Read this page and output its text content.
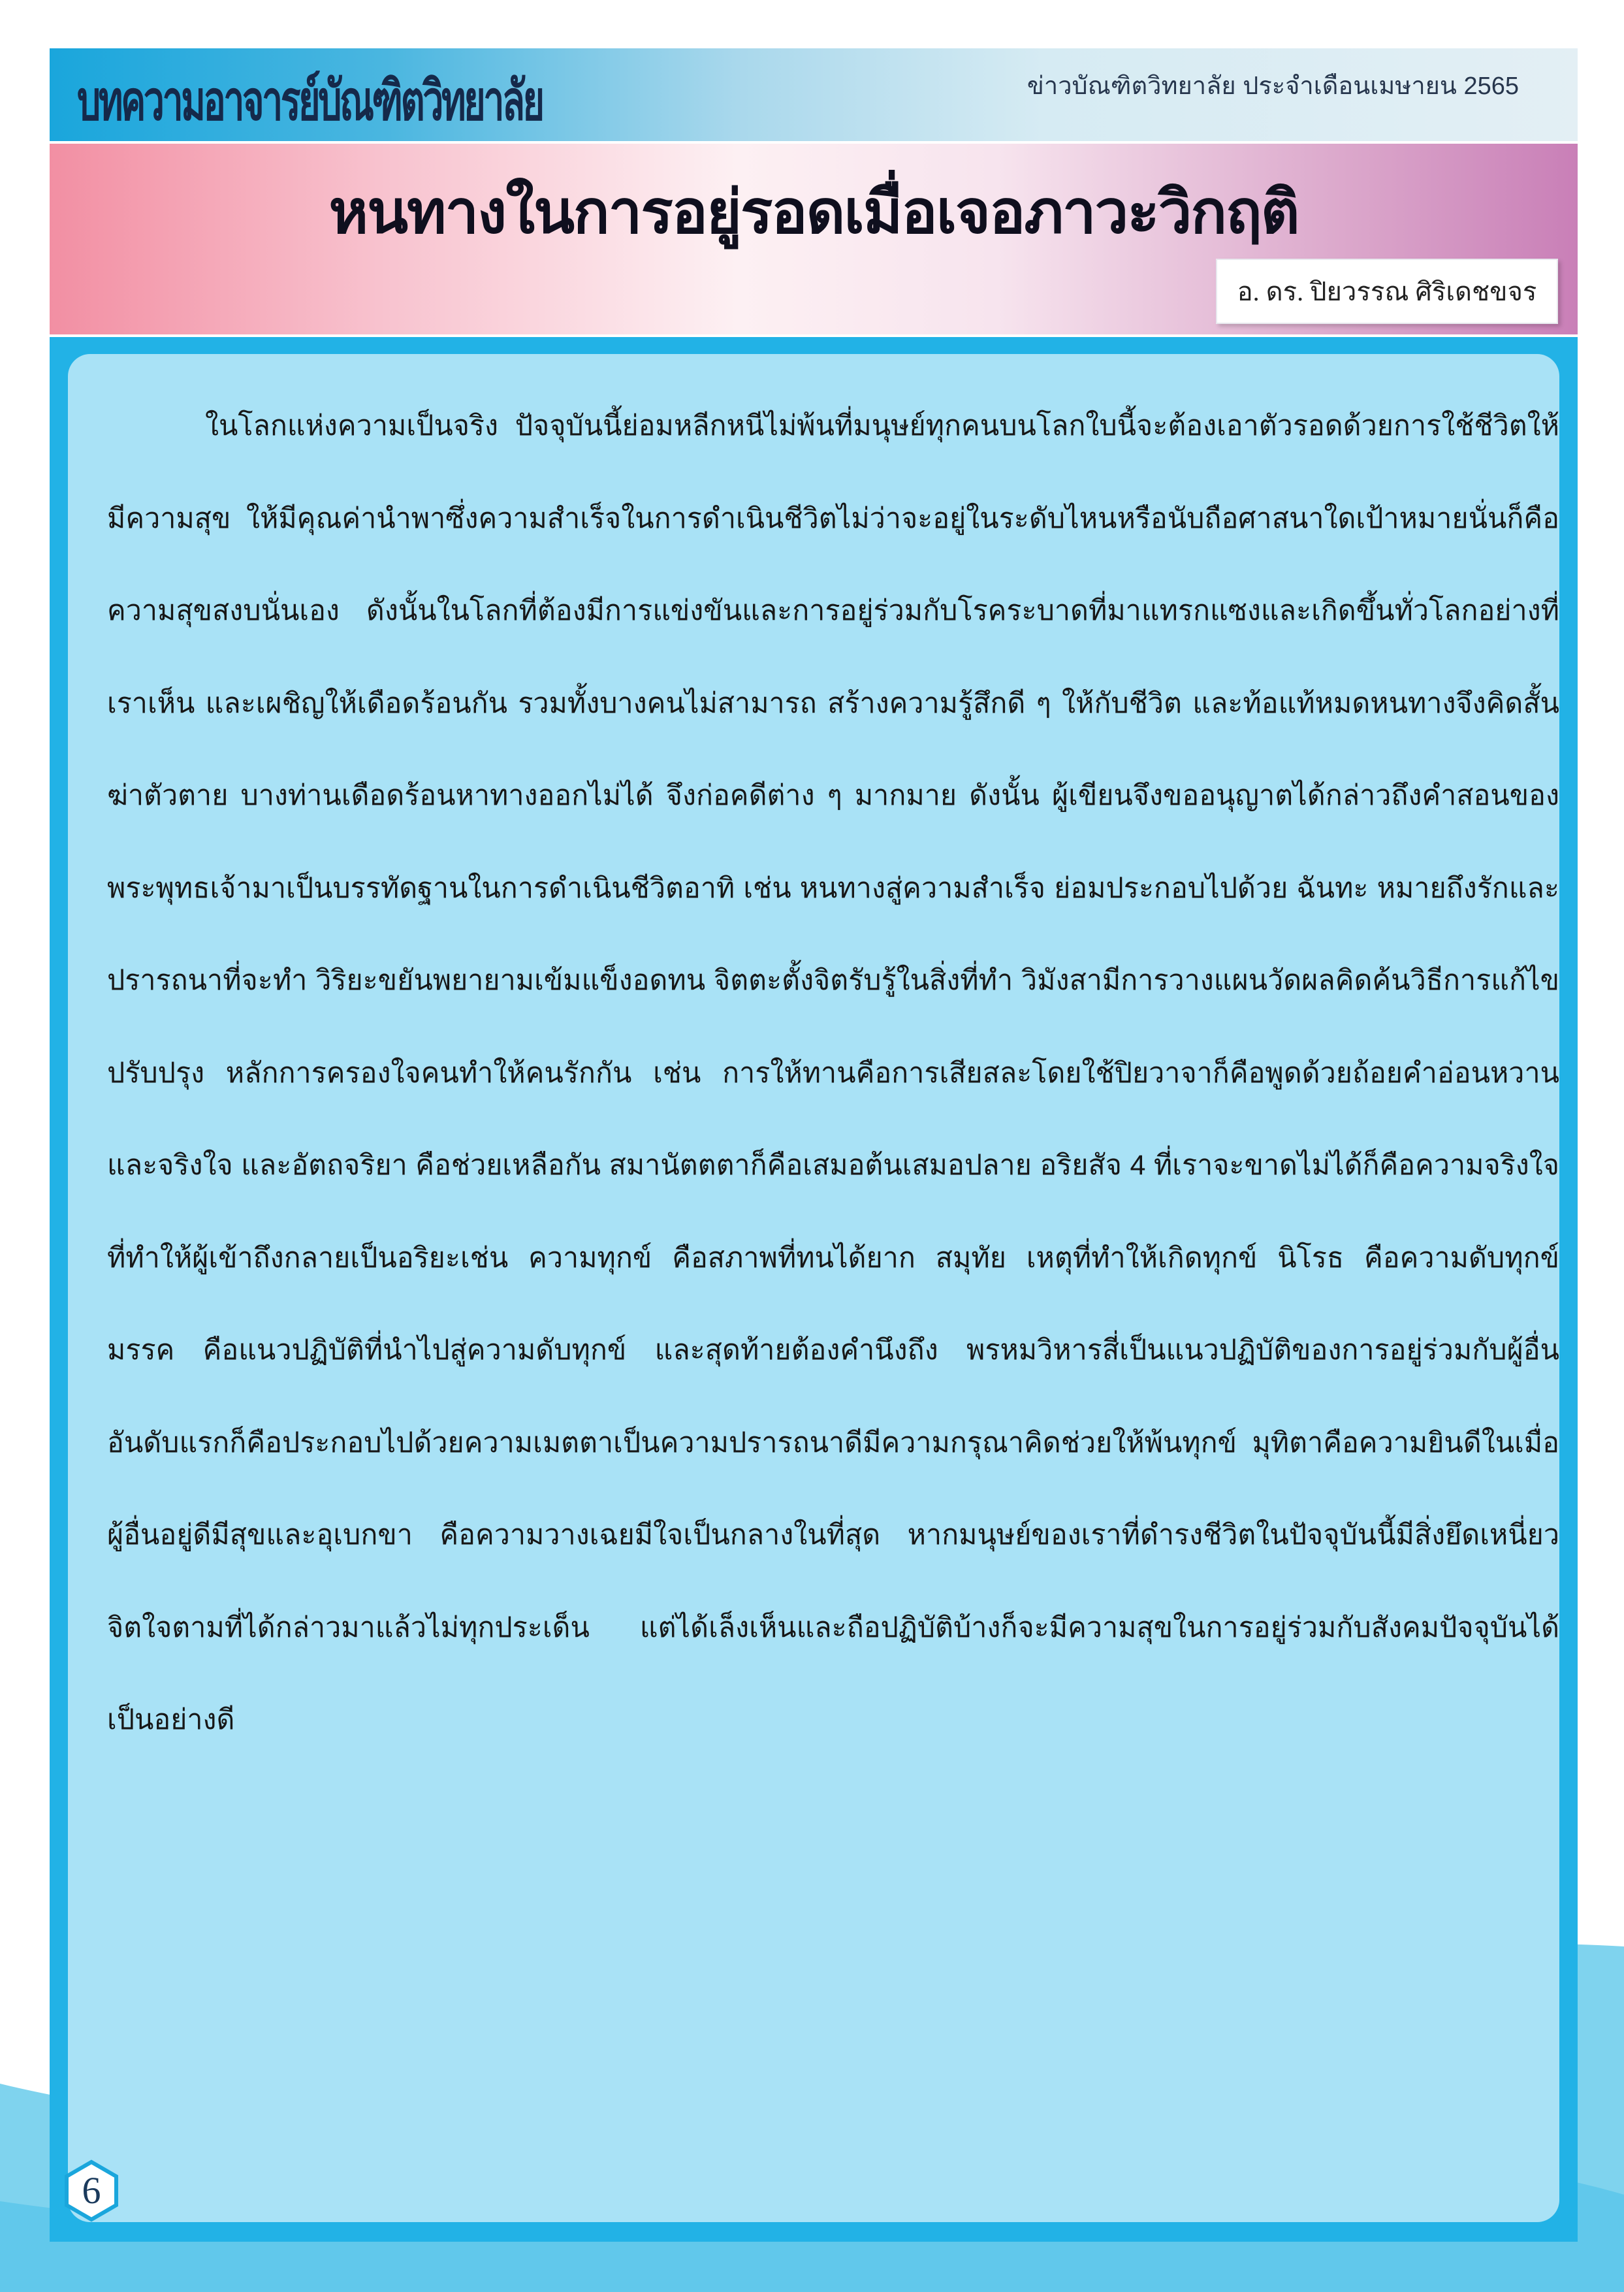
บทความอาจารย์บัณฑิตวิทยาลัย	ข่าวบัณฑิตวิทยาลัย ประจำเดือนเมษายน 2565
หนทางในการอยู่รอดเมื่อเจอภาวะวิกฤติ
อ. ดร. ปิยวรรณ ศิริเดชขจร

ในโลกแห่งความเป็นจริง ปัจจุบันนี้ย่อมหลีกหนีไม่พ้นที่มนุษย์ทุกคนบนโลกใบนี้จะต้องเอาตัวรอดด้วยการใช้ชีวิตให้มีความสุข ให้มีคุณค่านำพาซึ่งความสำเร็จในการดำเนินชีวิตไม่ว่าจะอยู่ในระดับไหนหรือนับถือศาสนาใดเป้าหมายนั่นก็คือความสุขสงบนั่นเอง ดังนั้นในโลกที่ต้องมีการแข่งขันและการอยู่ร่วมกับโรคระบาดที่มาแทรกแซงและเกิดขึ้นทั่วโลกอย่างที่เราเห็น และเผชิญให้เดือดร้อนกัน รวมทั้งบางคนไม่สามารถ สร้างความรู้สึกดี ๆ ให้กับชีวิต และท้อแท้หมดหนทางจึงคิดสั้น ฆ่าตัวตาย บางท่านเดือดร้อนหาทางออกไม่ได้ จึงก่อคดีต่าง ๆ มากมาย ดังนั้น ผู้เขียนจึงขออนุญาตได้กล่าวถึงคำสอนของพระพุทธเจ้ามาเป็นบรรทัดฐานในการดำเนินชีวิตอาทิ เช่น หนทางสู่ความสำเร็จ ย่อมประกอบไปด้วย ฉันทะ หมายถึงรักและปรารถนาที่จะทำ วิริยะขยันพยายามเข้มแข็งอดทน จิตตะตั้งจิตรับรู้ในสิ่งที่ทำ วิมังสามีการวางแผนวัดผลคิดค้นวิธีการแก้ไขปรับปรุง หลักการครองใจคนทำให้คนรักกัน เช่น การให้ทานคือการเสียสละโดยใช้ปิยวาจาก็คือพูดด้วยถ้อยคำอ่อนหวานและจริงใจ และอัตถจริยา คือช่วยเหลือกัน สมานัตตตาก็คือเสมอต้นเสมอปลาย อริยสัจ 4 ที่เราจะขาดไม่ได้ก็คือความจริงใจที่ทำให้ผู้เข้าถึงกลายเป็นอริยะเช่น ความทุกข์ คือสภาพที่ทนได้ยาก สมุทัย เหตุที่ทำให้เกิดทุกข์ นิโรธ คือความดับทุกข์ มรรค คือแนวปฏิบัติที่นำไปสู่ความดับทุกข์ และสุดท้ายต้องคำนึงถึง พรหมวิหารสี่เป็นแนวปฏิบัติของการอยู่ร่วมกับผู้อื่นอันดับแรกก็คือประกอบไปด้วยความเมตตาเป็นความปรารถนาดีมีความกรุณาคิดช่วยให้พ้นทุกข์ มุทิตาคือความยินดีในเมื่อผู้อื่นอยู่ดีมีสุขและอุเบกขา คือความวางเฉยมีใจเป็นกลางในที่สุด หากมนุษย์ของเราที่ดำรงชีวิตในปัจจุบันนี้มีสิ่งยึดเหนี่ยวจิตใจตามที่ได้กล่าวมาแล้วไม่ทุกประเด็น แต่ได้เล็งเห็นและถือปฏิบัติบ้างก็จะมีความสุขในการอยู่ร่วมกับสังคมปัจจุบันได้เป็นอย่างดี

6
